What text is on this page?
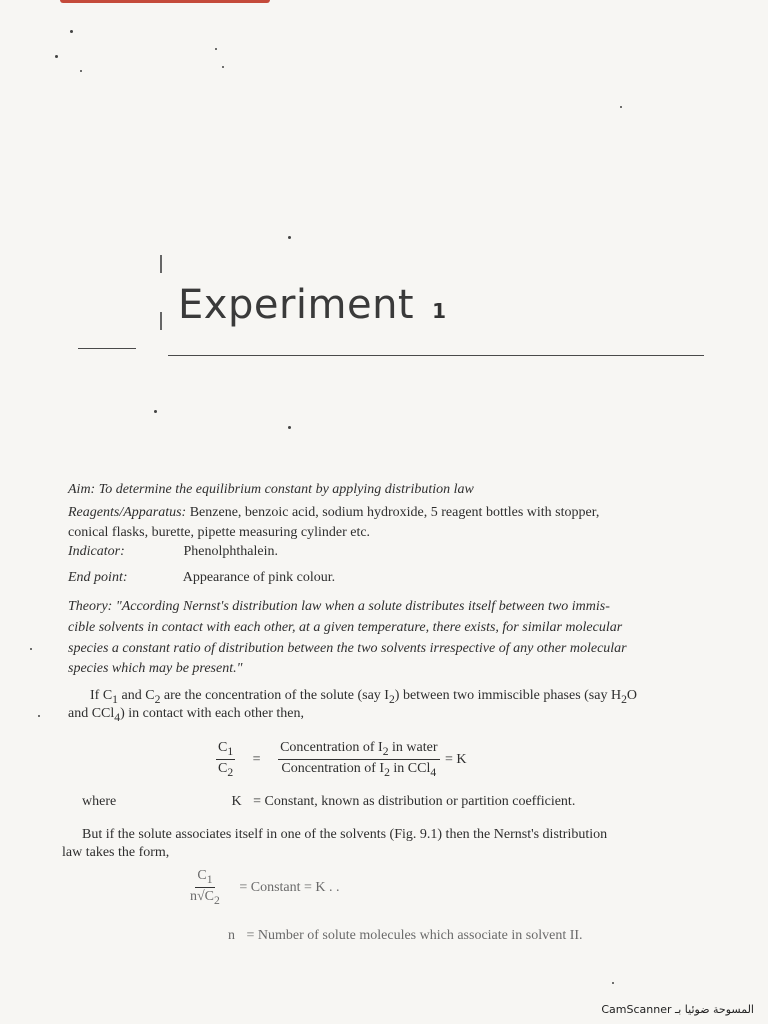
Experiment 1
Aim: To determine the equilibrium constant by applying distribution law
Reagents/Apparatus: Benzene, benzoic acid, sodium hydroxide, 5 reagent bottles with stopper,
conical flasks, burette, pipette measuring cylinder etc.
Indicator:	Phenolphthalein.
End point:	Appearance of pink colour.
Theory: "According Nernst's distribution law when a solute distributes itself between two immis-
cible solvents in contact with each other, at a given temperature, there exists, for similar molecular
species a constant ratio of distribution between the two solvents irrespective of any other molecular
species which may be present."
If $C_1$ and $C_2$ are the concentration of the solute (say $I_2$) between two immiscible phases (say $H_2O$
and CCl$_4$) in contact with each other then,
$\frac{C_1}{C_2} = \frac{Concentration of I_2 in water}{Concentration of I_2 in CCl_4} = K$
where	K = Constant, known as distribution or partition coefficient.
But if the solute associates itself in one of the solvents (Fig. 9.1) then the Nernst's distribution
law takes the form,
$\frac{C_1}{n√C_2}$ = Constant = K . .
n = Number of solute molecules which associate in solvent II.
CamScanner المسوحة ضوئيا بـ
